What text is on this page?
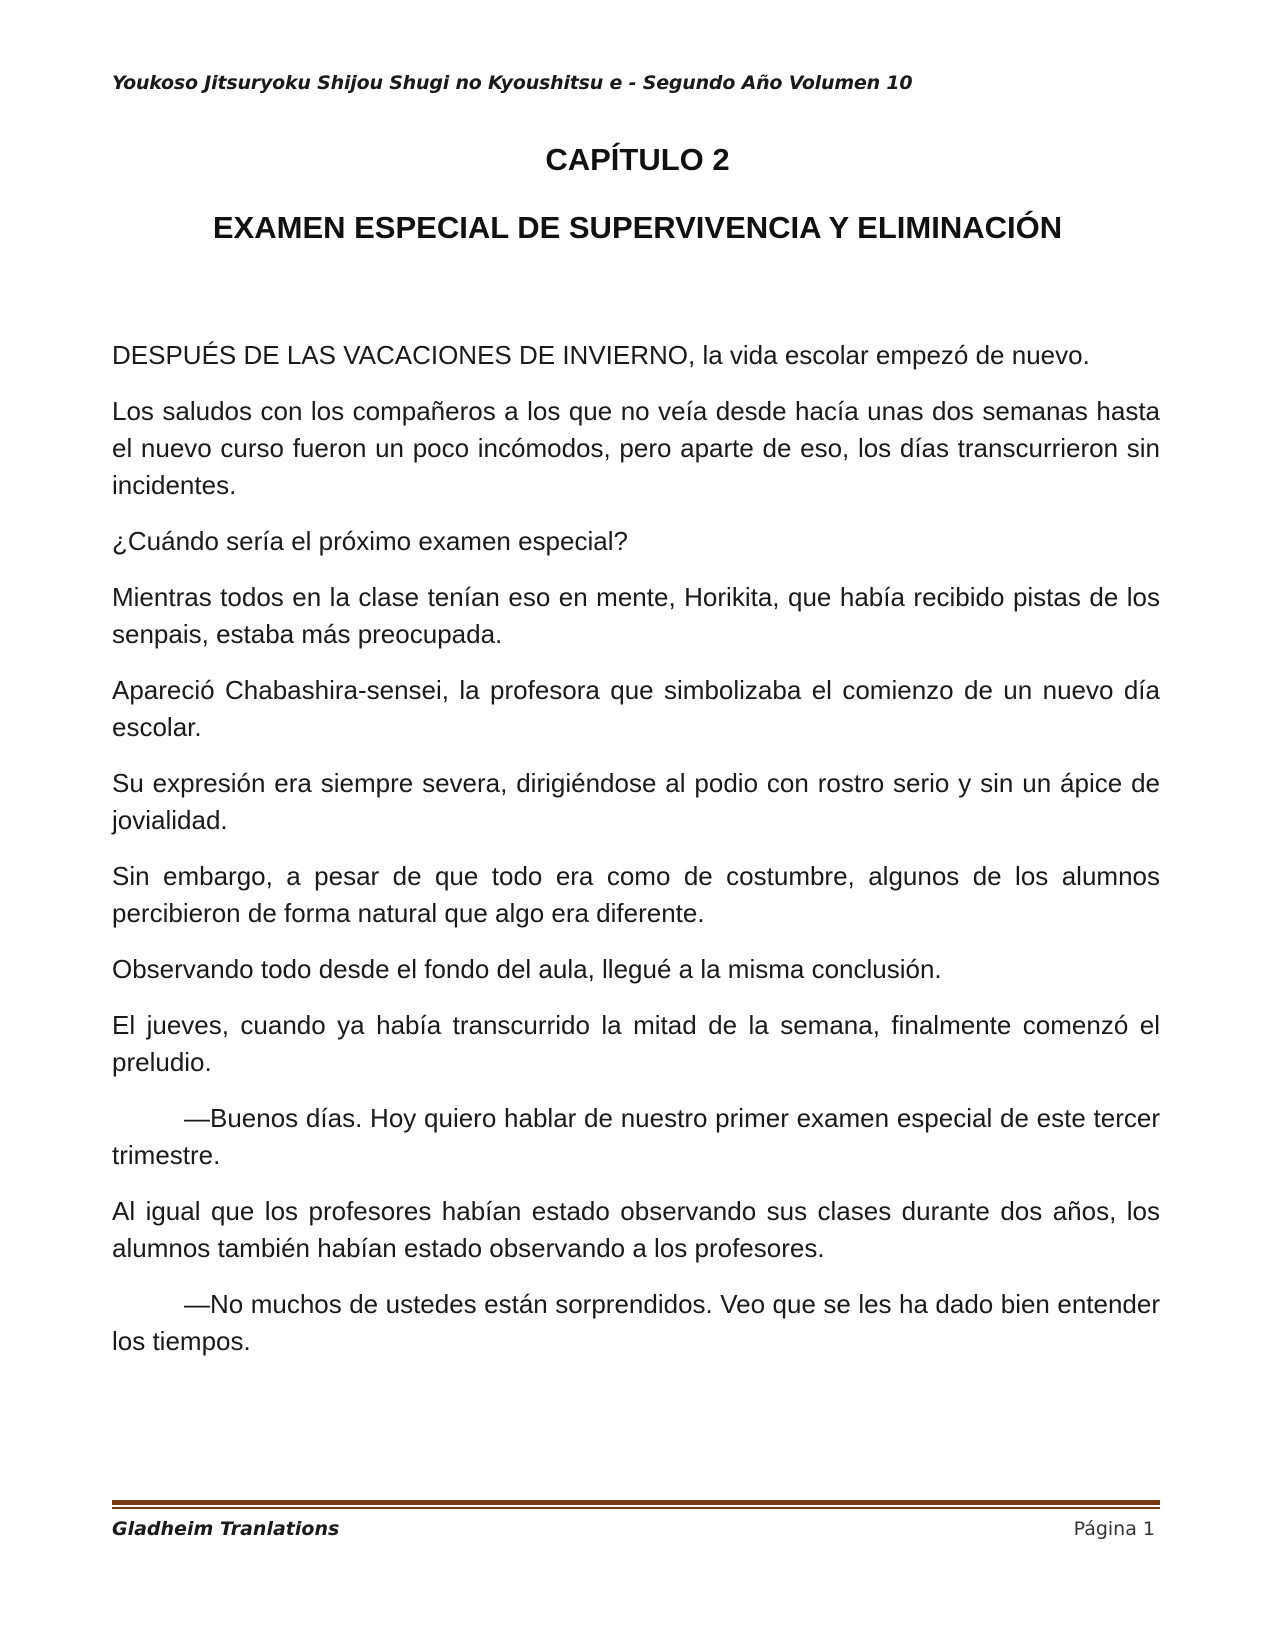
Youkoso Jitsuryoku Shijou Shugi no Kyoushitsu e - Segundo Año Volumen 10
CAPÍTULO 2
EXAMEN ESPECIAL DE SUPERVIVENCIA Y ELIMINACIÓN

DESPUÉS DE LAS VACACIONES DE INVIERNO, la vida escolar empezó de nuevo.

Los saludos con los compañeros a los que no veía desde hacía unas dos semanas hasta el nuevo curso fueron un poco incómodos, pero aparte de eso, los días transcurrieron sin incidentes.

¿Cuándo sería el próximo examen especial?

Mientras todos en la clase tenían eso en mente, Horikita, que había recibido pistas de los senpais, estaba más preocupada.

Apareció Chabashira-sensei, la profesora que simbolizaba el comienzo de un nuevo día escolar.

Su expresión era siempre severa, dirigiéndose al podio con rostro serio y sin un ápice de jovialidad.

Sin embargo, a pesar de que todo era como de costumbre, algunos de los alumnos percibieron de forma natural que algo era diferente.

Observando todo desde el fondo del aula, llegué a la misma conclusión.

El jueves, cuando ya había transcurrido la mitad de la semana, finalmente comenzó el preludio.

—Buenos días. Hoy quiero hablar de nuestro primer examen especial de este tercer trimestre.

Al igual que los profesores habían estado observando sus clases durante dos años, los alumnos también habían estado observando a los profesores.

—No muchos de ustedes están sorprendidos. Veo que se les ha dado bien entender los tiempos.

Gladheim Tranlations	Página 1
